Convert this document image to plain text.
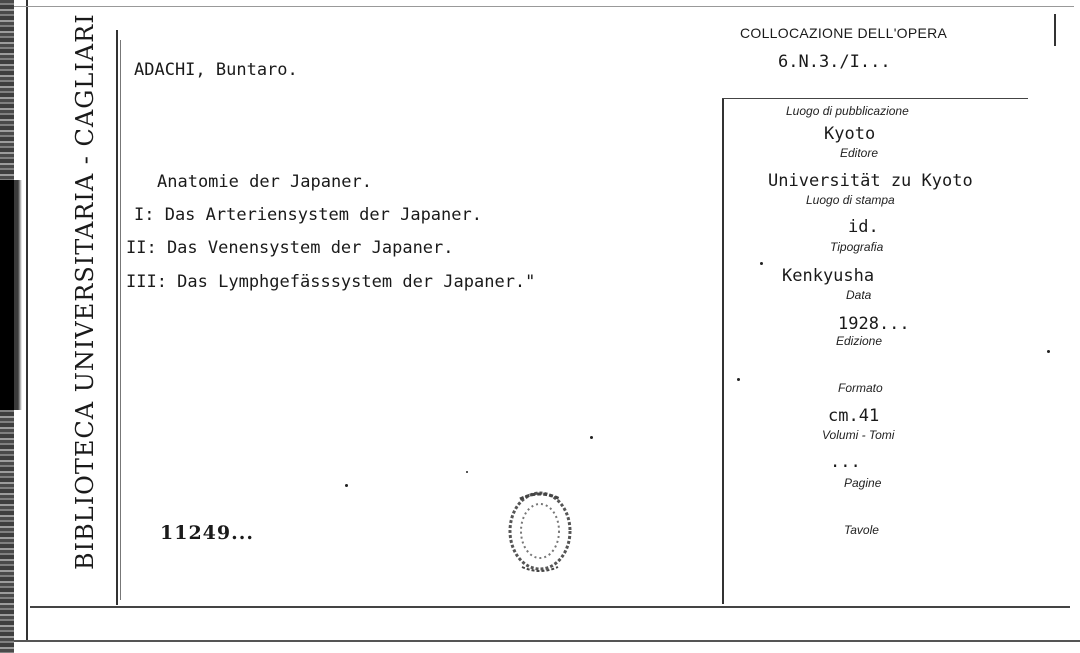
BIBLIOTECA UNIVERSITARIA - CAGLIARI ADACHI, Buntaro.
Anatomie der Japaner.
I: Das Arteriensystem der Japaner.
II: Das Venensystem der Japaner.
III: Das Lymphgefässsystem der Japaner."
11249...
COLLOCAZIONE DELL'OPERA
6.N.3./I...
Luogo di pubblicazione
Kyoto
Editore
Universität zu Kyoto
Luogo di stampa
id.
Tipografia
Kenkyusha
Data
1928...
Edizione
Formato
cm.41
Volumi - Tomi
...
Pagine
Tavole
